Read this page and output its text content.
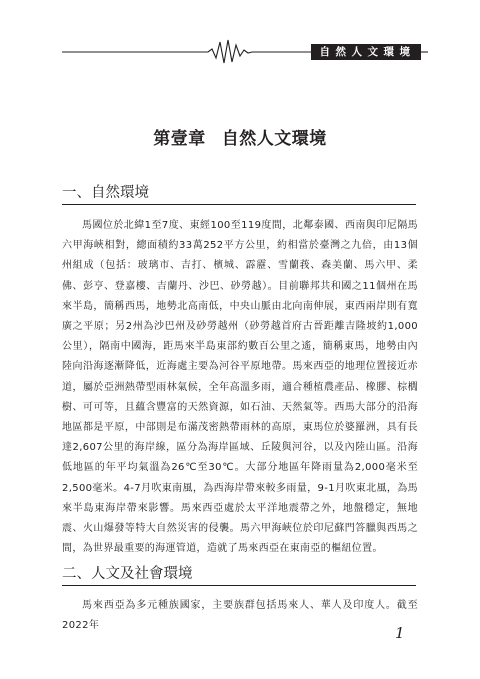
自然人文環境
第壹章 自然人文環境
一、自然環境

馬國位於北緯1至7度、東經100至119度間，北鄰泰國、西南與印尼隔馬六甲海峽相對，總面積約33萬252平方公里，約相當於臺灣之九倍，由13個州組成（包括：玻璃市、吉打、檳城、霹靂、雪蘭莪、森美蘭、馬六甲、柔佛、彭亨、登嘉樓、吉蘭丹、沙巴、砂勞越）。目前聯邦共和國之11個州在馬來半島，簡稱西馬，地勢北高南低，中央山脈由北向南伸展，東西兩岸則有寬廣之平原；另2州為沙巴州及砂勞越州（砂勞越首府古晉距離吉隆坡約1,000公里），隔南中國海，距馬來半島東部約數百公里之遙，簡稱東馬，地勢由內陸向沿海逐漸降低，近海處主要為河谷平原地帶。馬來西亞的地理位置接近赤道，屬於亞洲熱帶型雨林氣候，全年高溫多雨，適合種植農產品、橡膠、棕櫚樹、可可等，且蘊含豐富的天然資源，如石油、天然氣等。西馬大部分的沿海地區都是平原，中部則是布滿茂密熱帶雨林的高原，東馬位於婆羅洲，具有長達2,607公里的海岸線，區分為海岸區域、丘陵與河谷，以及內陸山區。沿海低地區的年平均氣溫為26℃至30℃。大部分地區年降雨量為2,000毫米至2,500毫米。4-7月吹東南風，為西海岸帶來較多雨量，9-1月吹東北風，為馬來半島東海岸帶來影響。馬來西亞處於太平洋地震帶之外，地盤穩定，無地震、火山爆發等特大自然災害的侵襲。馬六甲海峽位於印尼蘇門答臘與西馬之間，為世界最重要的海運管道，造就了馬來西亞在東南亞的樞紐位置。

二、人文及社會環境

馬來西亞為多元種族國家，主要族群包括馬來人、華人及印度人。截至2022年	1
